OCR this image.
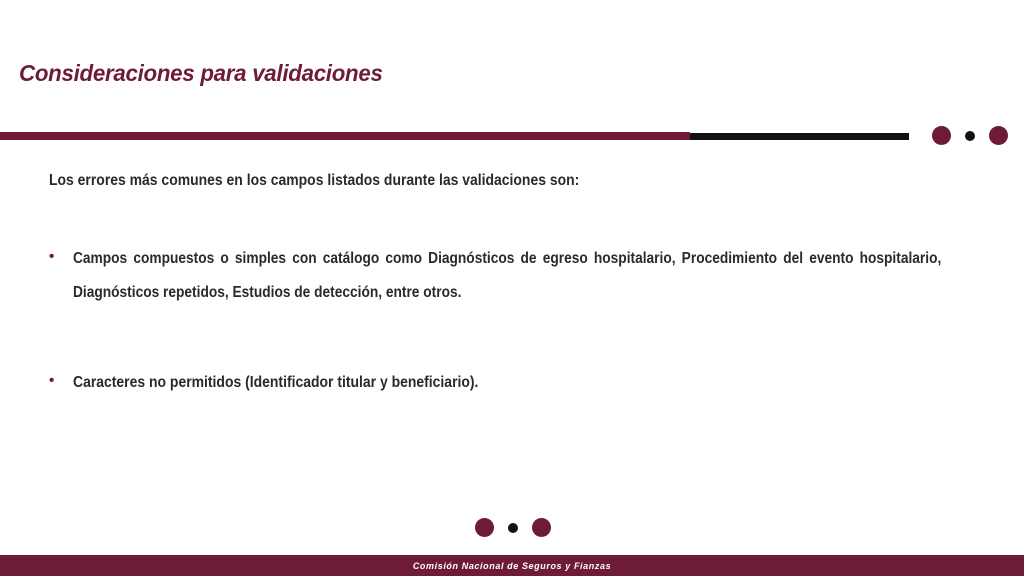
Consideraciones para validaciones

Los errores más comunes en los campos listados durante las validaciones son:

• Campos compuestos o simples con catálogo como Diagnósticos de egreso hospitalario, Procedimiento del evento hospitalario, Diagnósticos repetidos, Estudios de detección, entre otros.
• Caracteres no permitidos (Identificador titular y beneficiario).
Comisión Nacional de Seguros y Fianzas
